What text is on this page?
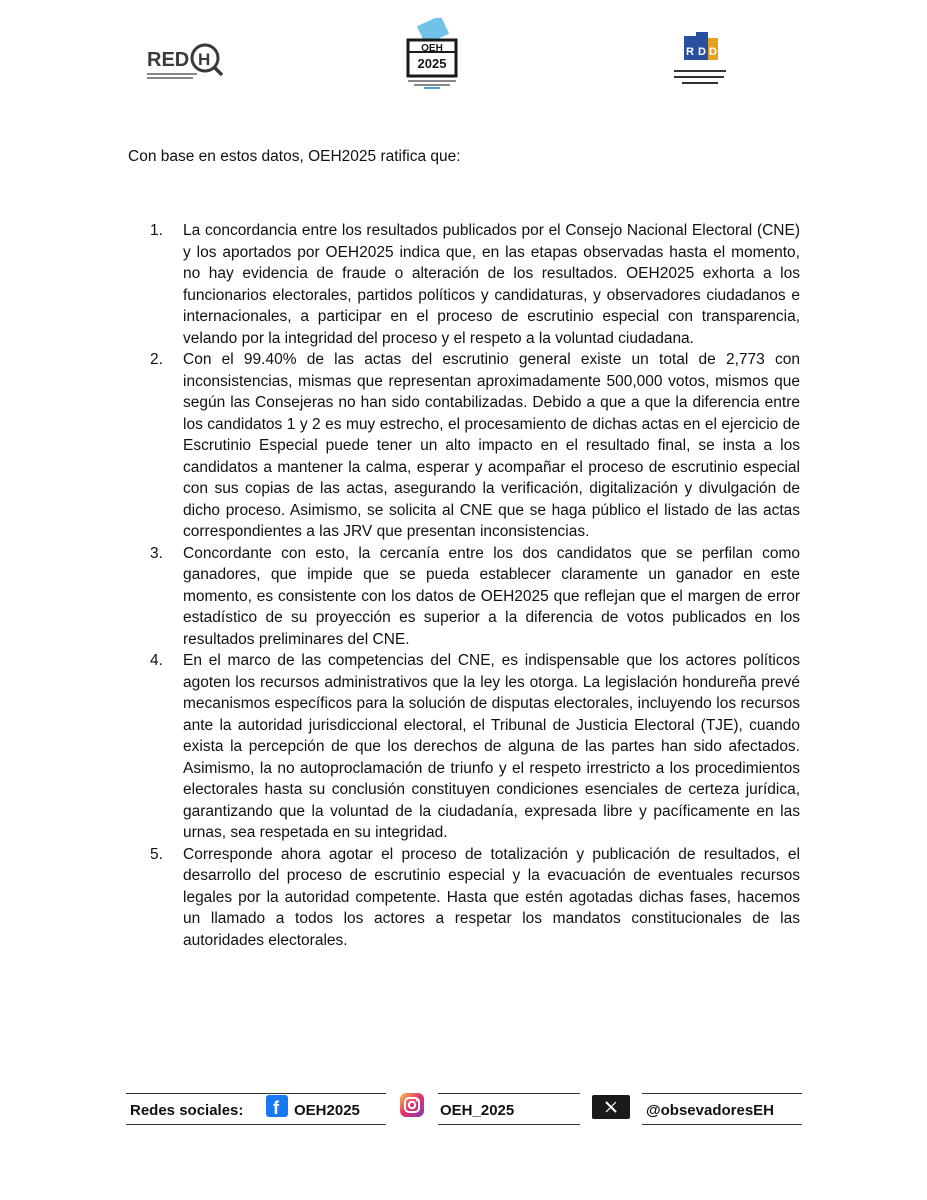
RED H
OEH
2025
R D D

Con base en estos datos, OEH2025 ratifica que:

1.	La concordancia entre los resultados publicados por el Consejo Nacional Electoral (CNE) y los aportados por OEH2025 indica que, en las etapas observadas hasta el momento, no hay evidencia de fraude o alteración de los resultados. OEH2025 exhorta a los funcionarios electorales, partidos políticos y candidaturas, y observadores ciudadanos e internacionales, a participar en el proceso de escrutinio especial con transparencia, velando por la integridad del proceso y el respeto a la voluntad ciudadana.
2.	Con el 99.40% de las actas del escrutinio general existe un total de 2,773 con inconsistencias, mismas que representan aproximadamente 500,000 votos, mismos que según las Consejeras no han sido contabilizadas. Debido a que a que la diferencia entre los candidatos 1 y 2 es muy estrecho, el procesamiento de dichas actas en el ejercicio de Escrutinio Especial puede tener un alto impacto en el resultado final, se insta a los candidatos a mantener la calma, esperar y acompañar el proceso de escrutinio especial con sus copias de las actas, asegurando la verificación, digitalización y divulgación de dicho proceso. Asimismo, se solicita al CNE que se haga público el listado de las actas correspondientes a las JRV que presentan inconsistencias.
3.	Concordante con esto, la cercanía entre los dos candidatos que se perfilan como ganadores, que impide que se pueda establecer claramente un ganador en este momento, es consistente con los datos de OEH2025 que reflejan que el margen de error estadístico de su proyección es superior a la diferencia de votos publicados en los resultados preliminares del CNE.
4.	En el marco de las competencias del CNE, es indispensable que los actores políticos agoten los recursos administrativos que la ley les otorga. La legislación hondureña prevé mecanismos específicos para la solución de disputas electorales, incluyendo los recursos ante la autoridad jurisdiccional electoral, el Tribunal de Justicia Electoral (TJE), cuando exista la percepción de que los derechos de alguna de las partes han sido afectados. Asimismo, la no autoproclamación de triunfo y el respeto irrestricto a los procedimientos electorales hasta su conclusión constituyen condiciones esenciales de certeza jurídica, garantizando que la voluntad de la ciudadanía, expresada libre y pacíficamente en las urnas, sea respetada en su integridad.
5.	Corresponde ahora agotar el proceso de totalización y publicación de resultados, el desarrollo del proceso de escrutinio especial y la evacuación de eventuales recursos legales por la autoridad competente. Hasta que estén agotadas dichas fases, hacemos un llamado a todos los actores a respetar los mandatos constitucionales de las autoridades electorales.
Redes sociales: f OEH2025	OEH_2025	@obsevadoresEH
